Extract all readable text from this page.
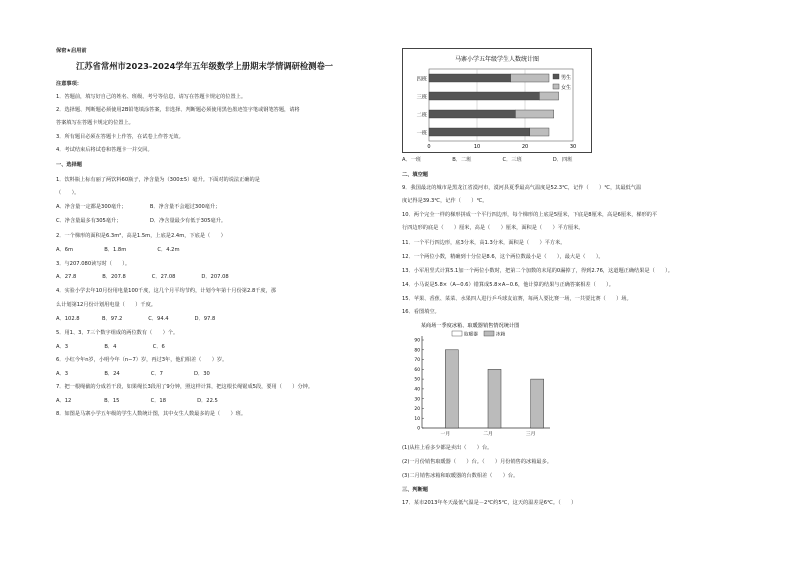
保密★启用前
江苏省常州市2023-2024学年五年级数学上册期末学情调研检测卷一
注意事项：
1．答题前，填写好自己的姓名、班级、考号等信息，请写在答题卡规定的位置上。
2．选择题、判断题必须使用2B铅笔填涂答案，非选择、判断题必须使用黑色墨迹签字笔或钢笔答题，请将
答案填写在答题卡规定的位置上。
3．所有题目必须在答题卡上作答，在试卷上作答无效。
4．考试结束后将试卷和答题卡一并交回。
一、选择题
1．饮料瓶上标有丽了两饮料60瓶子，净含量为（300±5）毫升。下面对的说法正确的是
（　　）。
A．净含量一定都是300毫升；　　　　　B．净含量不会超过300毫升；
C．净含量最多有305毫升；　　　　　　D．净含量最少有低于305毫升。
2．一个梯形的面积是6.3m²，高是1.5m，上底是2.4m，下底是（　　）
A．6m　　　　　　B．1.8m　　　　　　C．4.2m
3．与207.080读写时（　　）。
A．27.8　　　　　B．207.8　　　　　C．27.08　　　　　D．207.08
4．实验小学去年10月份用电量100千度，这几个月平均节约，计划今年第十月份第2.8千度，那
么计划第12月份计划用电量（　　）千度。
A．102.8　　　　 B．97.2　　　　　C．94.4　　　　　D．97.8
5．用1、3、7三个数字组成的两位数有（　　）个。
A．3　　　　　　　B．4　　　　　　　C．6
6．小红今年n岁，小明今年（n−7）岁，再过3年，他们相差（　　）岁。
A．3　　　　　　　B．24　　　　　　C．7　　　　　　D．30
7．把一根绳截的分成若干段，如果绳长3段用了9分钟，照这样计算，把这根长绳锯成5段，要用（　　）分钟。
A．12　　　　　　 B．15　　　　　　C．18　　　　　　D．22.5
8．如图是马寨小学五年级的学生人数统计图，其中女生人数最多的是（　　）班。
马寨小学五年级学生人数统计图
四班
三班
二班
一班
0	10	20	30
男生
女生
A．一班　　　　　　B．二班　　　　　　C．三班　　　　　　D．四班
二、填空题
9．我国最北的城市是黑龙江省漠河市，漠河县夏季最高气温度是52.3℃，记作（　　）℃，其最低气温
度记得是39.3℃，记作（　　）℃。
10．两个完全一样的梯形拼成一个平行四边形，每个梯形的上底是5厘米，下底是8厘米，高是6厘米，梯形的平
行四边形的底是（　　）厘米，高是（　　）厘米，面积是（　　）平方厘米。
11．一个平行四边形，底3分米，高1.3分米，面积是（　　）平方米。
12．一个两位小数，精确到十分位是8.6，这个两位数最小是（　　），最大是（　　）。
13．小军用竖式计算5.1加一个两位小数时，把第二个加数的末尾的0漏掉了，得到2.76，这道题正确结果是（　　）。
14．小马说是5.8×（A−0.6）错算成5.8×A−0.6，他计算的结果与正确答案相差（　　）。
15．苹果、香蕉、菜菜、水果四人进行乒乓球友谊赛，每两人要比赛一场，一共要比赛（　　）场。
16．看图填空。
某商场一季度冰箱、取暖器销售情况统计图
取暖器	冰箱
0
10
20
30
40
50
60
70
80
90
一月	二月	三月
(1)从柱上看多少都是卖出（　　）台。
(2)一月份销售取暖器（　　）台。（　　）月份销售的冰箱最多。
(3)二月销售冰箱和取暖器的台数相差（　　）台。
三、判断题
17．某市2013年冬天最低气温是－2℃约5℃，这天的温差是6℃。（　　）
